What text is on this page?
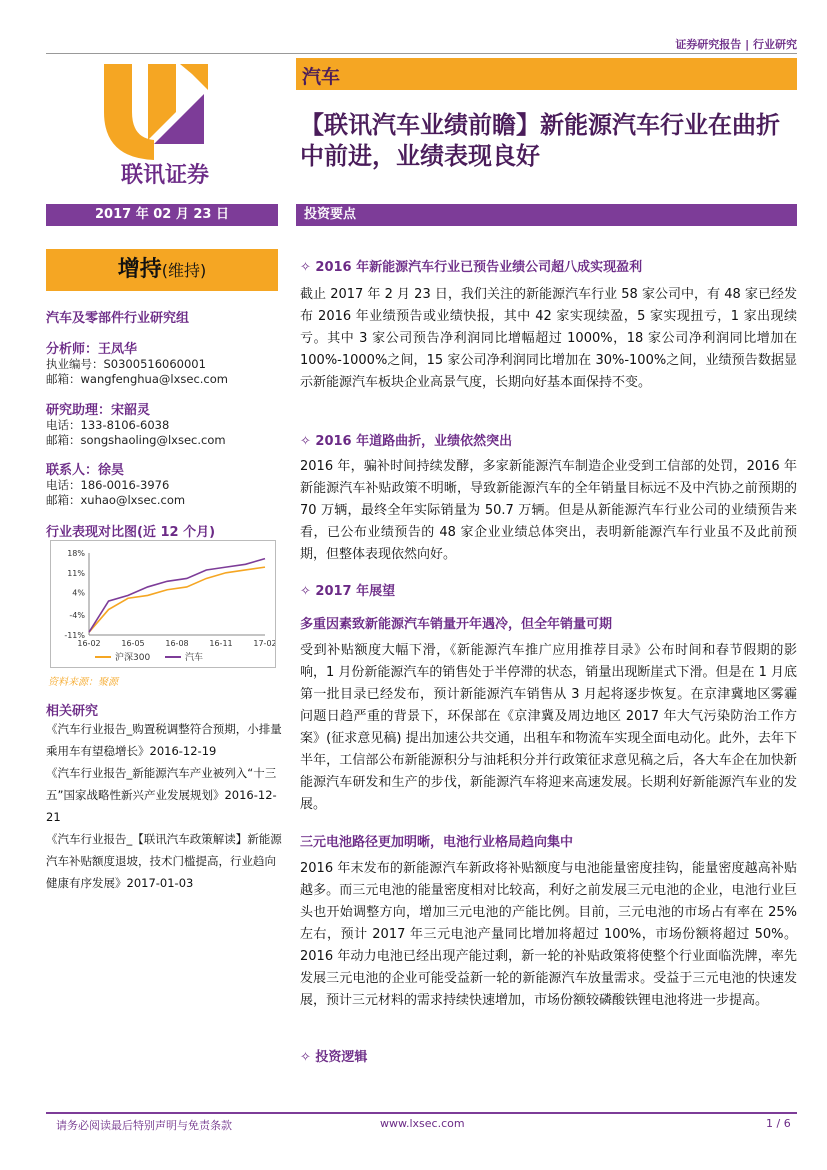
证券研究报告 | 行业研究
联讯证券
汽车
【联讯汽车业绩前瞻】新能源汽车行业在曲折中前进，业绩表现良好
2017 年 02 月 23 日	投资要点
增持(维持)
汽车及零部件行业研究组
分析师：王凤华
执业编号：S0300516060001
邮箱：wangfenghua@lxsec.com
研究助理：宋韶灵
电话：133-8106-6038
邮箱：songshaoling@lxsec.com
联系人：徐昊
电话：186-0016-3976
邮箱：xuhao@lxsec.com
行业表现对比图(近 12 个月)
18%
11%
4%
-4%
-11%
16-02	16-05	16-08	16-11	17-02
沪深300	汽车
资料来源：聚源
相关研究
《汽车行业报告_购置税调整符合预期，小排量乘用车有望稳增长》2016-12-19
《汽车行业报告_新能源汽车产业被列入“十三五”国家战略性新兴产业发展规划》2016-12-21
《汽车行业报告_【联讯汽车政策解读】新能源汽车补贴额度退坡，技术门槛提高，行业趋向健康有序发展》2017-01-03
✧ 2016 年新能源汽车行业已预告业绩公司超八成实现盈利
截止 2017 年 2 月 23 日，我们关注的新能源汽车行业 58 家公司中，有 48 家已经发布 2016 年业绩预告或业绩快报，其中 42 家实现续盈，5 家实现扭亏，1 家出现续亏。其中 3 家公司预告净利润同比增幅超过 1000%，18 家公司净利润同比增加在 100%-1000%之间，15 家公司净利润同比增加在 30%-100%之间，业绩预告数据显示新能源汽车板块企业高景气度，长期向好基本面保持不变。
✧ 2016 年道路曲折，业绩依然突出
2016 年，骗补时间持续发酵，多家新能源汽车制造企业受到工信部的处罚，2016 年新能源汽车补贴政策不明晰，导致新能源汽车的全年销量目标远不及中汽协之前预期的 70 万辆，最终全年实际销量为 50.7 万辆。但是从新能源汽车行业公司的业绩预告来看，已公布业绩预告的 48 家企业业绩总体突出，表明新能源汽车行业虽不及此前预期，但整体表现依然向好。
✧ 2017 年展望
多重因素致新能源汽车销量开年遇冷，但全年销量可期
受到补贴额度大幅下滑，《新能源汽车推广应用推荐目录》公布时间和春节假期的影响，1 月份新能源汽车的销售处于半停滞的状态，销量出现断崖式下滑。但是在 1 月底第一批目录已经发布，预计新能源汽车销售从 3 月起将逐步恢复。在京津冀地区雾霾问题日趋严重的背景下，环保部在《京津冀及周边地区 2017 年大气污染防治工作方案》(征求意见稿) 提出加速公共交通，出租车和物流车实现全面电动化。此外，去年下半年，工信部公布新能源积分与油耗积分并行政策征求意见稿之后，各大车企在加快新能源汽车研发和生产的步伐，新能源汽车将迎来高速发展。长期利好新能源汽车业的发展。
三元电池路径更加明晰，电池行业格局趋向集中
2016 年末发布的新能源汽车新政将补贴额度与电池能量密度挂钩，能量密度越高补贴越多。而三元电池的能量密度相对比较高，利好之前发展三元电池的企业，电池行业巨头也开始调整方向，增加三元电池的产能比例。目前，三元电池的市场占有率在 25%左右，预计 2017 年三元电池产量同比增加将超过 100%，市场份额将超过 50%。2016 年动力电池已经出现产能过剩，新一轮的补贴政策将使整个行业面临洗牌，率先发展三元电池的企业可能受益新一轮的新能源汽车放量需求。受益于三元电池的快速发展，预计三元材料的需求持续快速增加，市场份额较磷酸铁锂电池将进一步提高。
✧ 投资逻辑
请务必阅读最后特别声明与免责条款	www.lxsec.com	1 / 6
